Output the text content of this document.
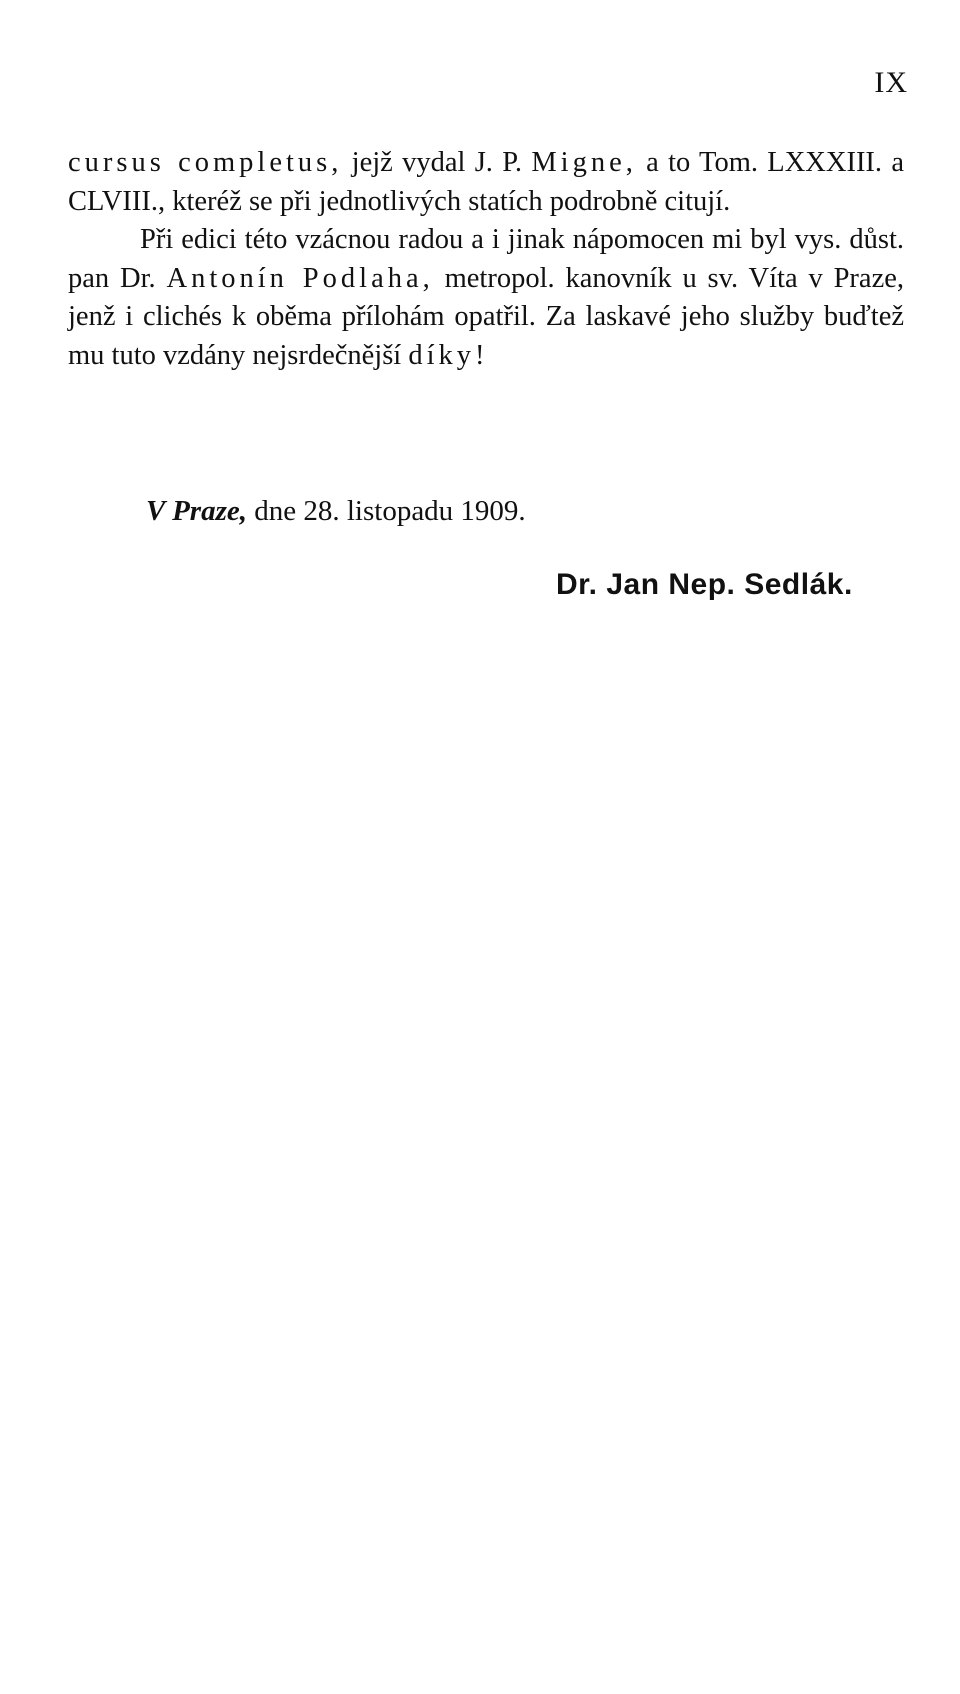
IX

cursus completus, jejž vydal J. P. Migne, a to Tom. LXXXIII. a CLVIII., kteréž se při jednotlivých statích podrobně citují.

Při edici této vzácnou radou a i jinak nápomocen mi byl vys. důst. pan Dr. Antonín Podlaha, metropol. kanovník u sv. Víta v Praze, jenž i clichés k oběma přílohám opatřil. Za laskavé jeho služby buďtež mu tuto vzdány nejsrdečnější díky!

V Praze, dne 28. listopadu 1909.
Dr. Jan Nep. Sedlák.
